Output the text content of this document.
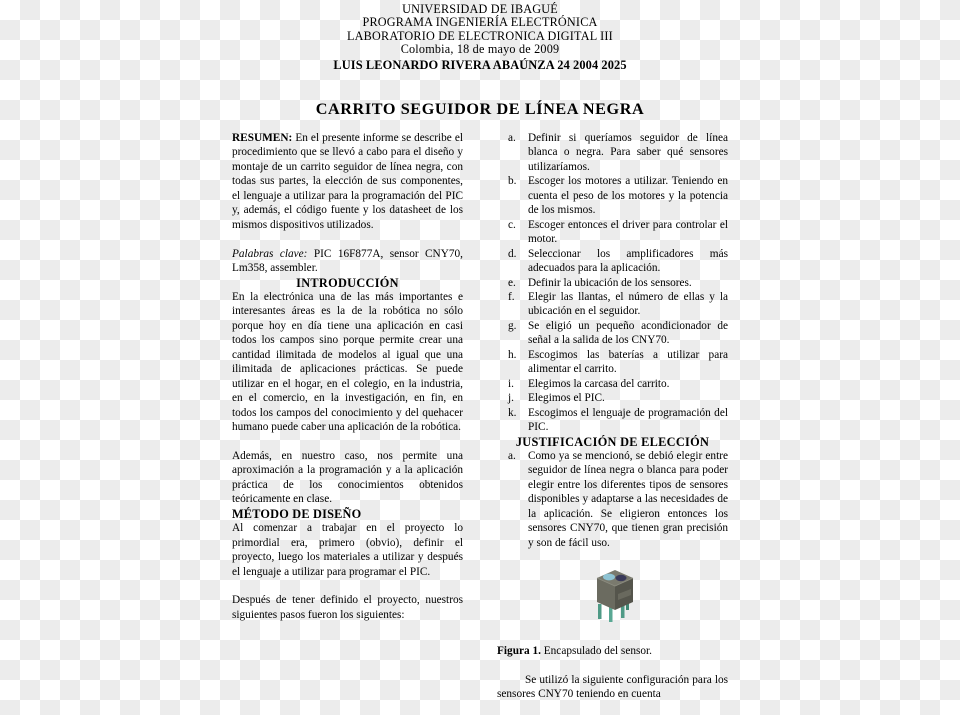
UNIVERSIDAD DE IBAGUÉ
PROGRAMA INGENIERÍA ELECTRÓNICA
LABORATORIO DE ELECTRONICA DIGITAL III
Colombia, 18 de mayo de 2009
LUIS LEONARDO RIVERA ABAÚNZA 24 2004 2025
CARRITO SEGUIDOR DE LÍNEA NEGRA

RESUMEN: En el presente informe se describe el procedimiento que se llevó a cabo para el diseño y montaje de un carrito seguidor de línea negra, con todas sus partes, la elección de sus componentes, el lenguaje a utilizar para la programación del PIC y, además, el código fuente y los datasheet de los mismos dispositivos utilizados.

Palabras clave: PIC 16F877A, sensor CNY70, Lm358, assembler.

INTRODUCCIÓN

En la electrónica una de las más importantes e interesantes áreas es la de la robótica no sólo porque hoy en día tiene una aplicación en casi todos los campos sino porque permite crear una cantidad ilimitada de modelos al igual que una ilimitada de aplicaciones prácticas. Se puede utilizar en el hogar, en el colegio, en la industria, en el comercio, en la investigación, en fin, en todos los campos del conocimiento y del quehacer humano puede caber una aplicación de la robótica.

Además, en nuestro caso, nos permite una aproximación a la programación y a la aplicación práctica de los conocimientos obtenidos teóricamente en clase.

MÉTODO DE DISEÑO

Al comenzar a trabajar en el proyecto lo primordial era, primero (obvio), definir el proyecto, luego los materiales a utilizar y después el lenguaje a utilizar para programar el PIC.

Después de tener definido el proyecto, nuestros siguientes pasos fueron los siguientes:

a.	Definir si queríamos seguidor de línea blanca o negra. Para saber qué sensores utilizaríamos.
b.	Escoger los motores a utilizar. Teniendo en cuenta el peso de los motores y la potencia de los mismos.
c.	Escoger entonces el driver para controlar el motor.
d.	Seleccionar los amplificadores más adecuados para la aplicación.
e.	Definir la ubicación de los sensores.
f.	Elegir las llantas, el número de ellas y la ubicación en el seguidor.
g.	Se eligió un pequeño acondicionador de señal a la salida de los CNY70.
h.	Escogimos las baterías a utilizar para alimentar el carrito.
i.	Elegimos la carcasa del carrito.
j.	Elegimos el PIC.
k.	Escogimos el lenguaje de programación del PIC.
JUSTIFICACIÓN DE ELECCIÓN
a.	Como ya se mencionó, se debió elegir entre seguidor de línea negra o blanca para poder elegir entre los diferentes tipos de sensores disponibles y adaptarse a las necesidades de la aplicación. Se eligieron entonces los sensores CNY70, que tienen gran precisión y son de fácil uso.
Figura 1. Encapsulado del sensor.

Se utilizó la siguiente configuración para los sensores CNY70 teniendo en cuenta
